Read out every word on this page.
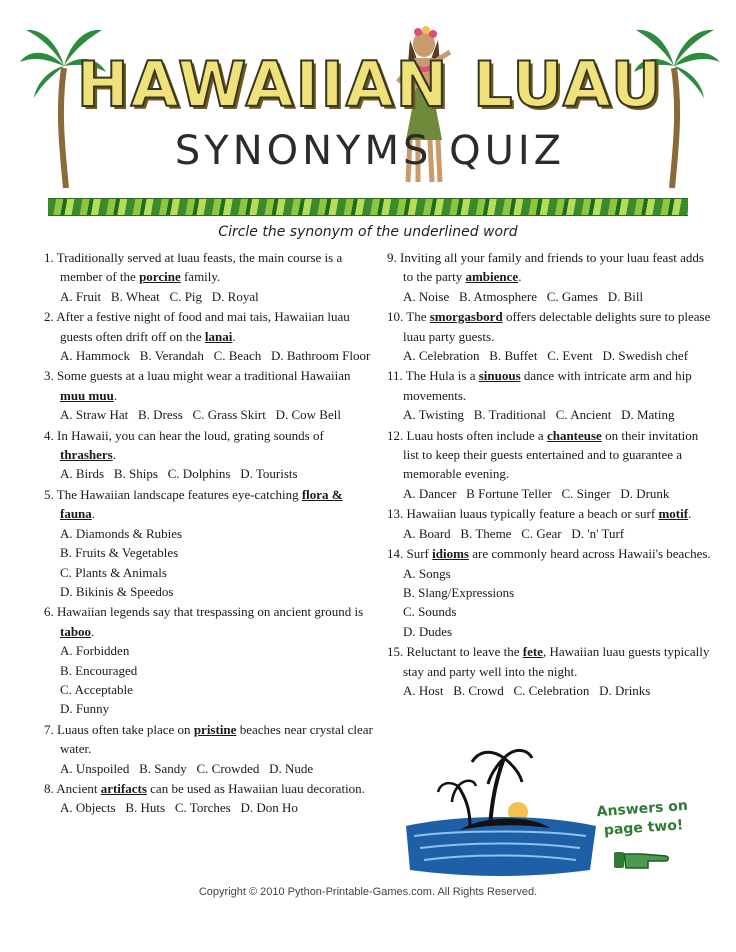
HAWAIIAN LUAU
SYNONYMS QUIZ
Circle the synonym of the underlined word
1. Traditionally served at luau feasts, the main course is a member of the porcine family.
A. Fruit B. Wheat C. Pig D. Royal
2. After a festive night of food and mai tais, Hawaiian luau guests often drift off on the lanai.
A. Hammock B. Verandah C. Beach D. Bathroom Floor
3. Some guests at a luau might wear a traditional Hawaiian muu muu.
A. Straw Hat B. Dress C. Grass Skirt D. Cow Bell
4. In Hawaii, you can hear the loud, grating sounds of thrashers.
A. Birds B. Ships C. Dolphins D. Tourists
5. The Hawaiian landscape features eye-catching flora & fauna.
A. Diamonds & Rubies
B. Fruits & Vegetables
C. Plants & Animals
D. Bikinis & Speedos
6. Hawaiian legends say that trespassing on ancient ground is taboo.
A. Forbidden
B. Encouraged
C. Acceptable
D. Funny
7. Luaus often take place on pristine beaches near crystal clear water.
A. Unspoiled B. Sandy C. Crowded D. Nude
8. Ancient artifacts can be used as Hawaiian luau decoration.
A. Objects B. Huts C. Torches D. Don Ho
9. Inviting all your family and friends to your luau feast adds to the party ambience.
A. Noise B. Atmosphere C. Games D. Bill
10. The smorgasbord offers delectable delights sure to please luau party guests.
A. Celebration B. Buffet C. Event D. Swedish chef
11. The Hula is a sinuous dance with intricate arm and hip movements.
A. Twisting B. Traditional C. Ancient D. Mating
12. Luau hosts often include a chanteuse on their invitation list to keep their guests entertained and to guarantee a memorable evening.
A. Dancer B Fortune Teller C. Singer D. Drunk
13. Hawaiian luaus typically feature a beach or surf motif.
A. Board B. Theme C. Gear D. 'n' Turf
14. Surf idioms are commonly heard across Hawaii's beaches.
A. Songs
B. Slang/Expressions
C. Sounds
D. Dudes
15. Reluctant to leave the fete, Hawaiian luau guests typically stay and party well into the night.
A. Host B. Crowd C. Celebration D. Drinks
Answers on page two!
Copyright © 2010 Python-Printable-Games.com. All Rights Reserved.
